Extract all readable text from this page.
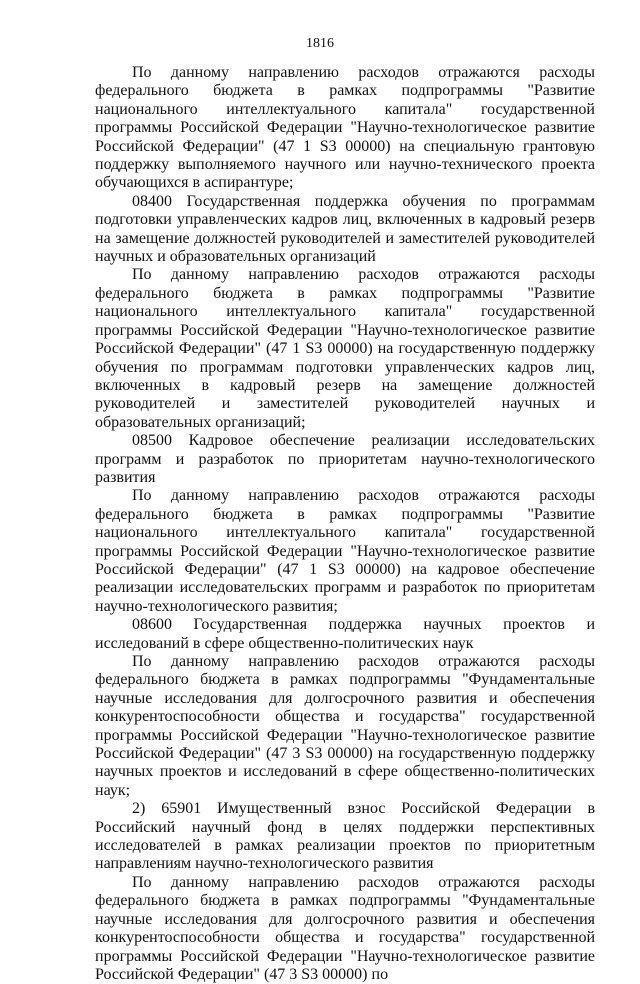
1816

По данному направлению расходов отражаются расходы федерального бюджета в рамках подпрограммы "Развитие национального интеллектуального капитала" государственной программы Российской Федерации "Научно-технологическое развитие Российской Федерации" (47 1 S3 00000) на специальную грантовую поддержку выполняемого научного или научно-технического проекта обучающихся в аспирантуре;

08400 Государственная поддержка обучения по программам подготовки управленческих кадров лиц, включенных в кадровый резерв на замещение должностей руководителей и заместителей руководителей научных и образовательных организаций

По данному направлению расходов отражаются расходы федерального бюджета в рамках подпрограммы "Развитие национального интеллектуального капитала" государственной программы Российской Федерации "Научно-технологическое развитие Российской Федерации" (47 1 S3 00000) на государственную поддержку обучения по программам подготовки управленческих кадров лиц, включенных в кадровый резерв на замещение должностей руководителей и заместителей руководителей научных и образовательных организаций;

08500 Кадровое обеспечение реализации исследовательских программ и разработок по приоритетам научно-технологического развития

По данному направлению расходов отражаются расходы федерального бюджета в рамках подпрограммы "Развитие национального интеллектуального капитала" государственной программы Российской Федерации "Научно-технологическое развитие Российской Федерации" (47 1 S3 00000) на кадровое обеспечение реализации исследовательских программ и разработок по приоритетам научно-технологического развития;

08600 Государственная поддержка научных проектов и исследований в сфере общественно-политических наук

По данному направлению расходов отражаются расходы федерального бюджета в рамках подпрограммы "Фундаментальные научные исследования для долгосрочного развития и обеспечения конкурентоспособности общества и государства" государственной программы Российской Федерации "Научно-технологическое развитие Российской Федерации" (47 3 S3 00000) на государственную поддержку научных проектов и исследований в сфере общественно-политических наук;

2) 65901 Имущественный взнос Российской Федерации в Российский научный фонд в целях поддержки перспективных исследователей в рамках реализации проектов по приоритетным направлениям научно-технологического развития

По данному направлению расходов отражаются расходы федерального бюджета в рамках подпрограммы "Фундаментальные научные исследования для долгосрочного развития и обеспечения конкурентоспособности общества и государства" государственной программы Российской Федерации "Научно-технологическое развитие Российской Федерации" (47 3 S3 00000) по
